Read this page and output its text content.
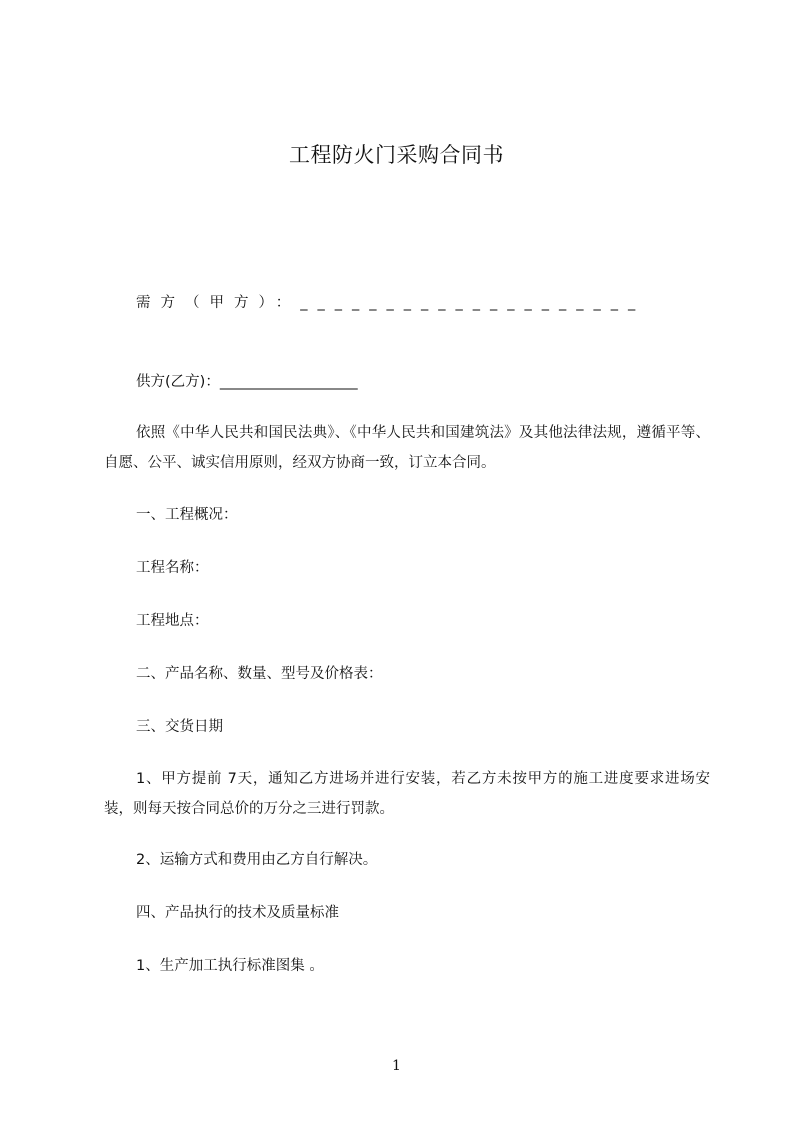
工程防火门采购合同书
需方（甲方）：____________________
供方(乙方)：___________________
依照《中华人民共和国民法典》、《中华人民共和国建筑法》及其他法律法规，遵循平等、自愿、公平、诚实信用原则，经双方协商一致，订立本合同。
一、工程概况：
工程名称：
工程地点：
二、产品名称、数量、型号及价格表：
三、交货日期
1、甲方提前 7天，通知乙方进场并进行安装，若乙方未按甲方的施工进度要求进场安装，则每天按合同总价的万分之三进行罚款。
2、运输方式和费用由乙方自行解决。
四、产品执行的技术及质量标准
1、生产加工执行标准图集 。
1
